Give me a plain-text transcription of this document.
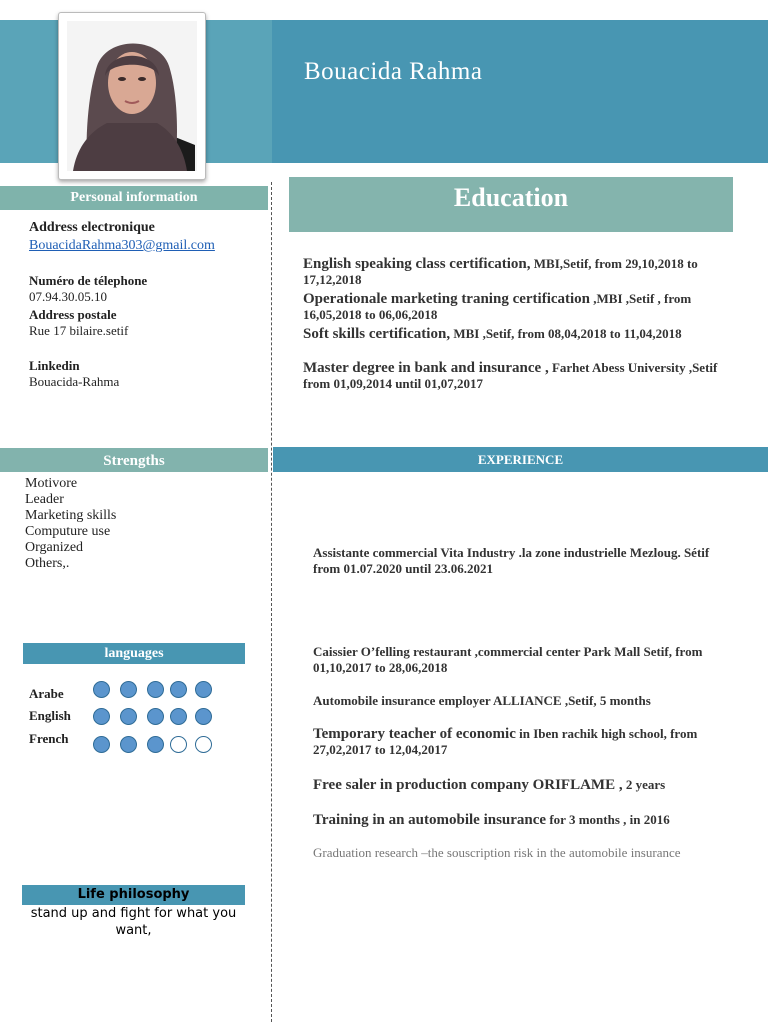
Bouacida Rahma
Personal information
Address electronique
BouacidaRahma303@gmail.com
Numéro de télephone
07.94.30.05.10
Address postale
Rue 17 bilaire.setif
Linkedin
Bouacida-Rahma
Education
English speaking class certification, MBI,Setif, from 29,10,2018 to 17,12,2018
Operationale marketing traning certification ,MBI ,Setif , from 16,05,2018 to 06,06,2018
Soft skills certification, MBI ,Setif, from 08,04,2018 to 11,04,2018
Master degree in bank and insurance , Farhet Abess University ,Setif from 01,09,2014 until 01,07,2017
Strengths
Motivore
Leader
Marketing skills
Computure use
Organized
Others,.
EXPERIENCE
Assistante commercial Vita Industry .la zone industrielle Mezloug. Sétif from 01.07.2020 until 23.06.2021
Caissier O’felling restaurant ,commercial center Park Mall Setif, from 01,10,2017 to 28,06,2018
Automobile insurance employer ALLIANCE ,Setif, 5 months
Temporary teacher of economic in Iben rachik high school, from 27,02,2017 to 12,04,2017
Free saler in production company ORIFLAME , 2 years
Training in an automobile insurance for 3 months , in 2016
Graduation research –the souscription risk in the automobile insurance
languages
Arabe
English
French
Life philosophy
stand up and fight for what you want,
